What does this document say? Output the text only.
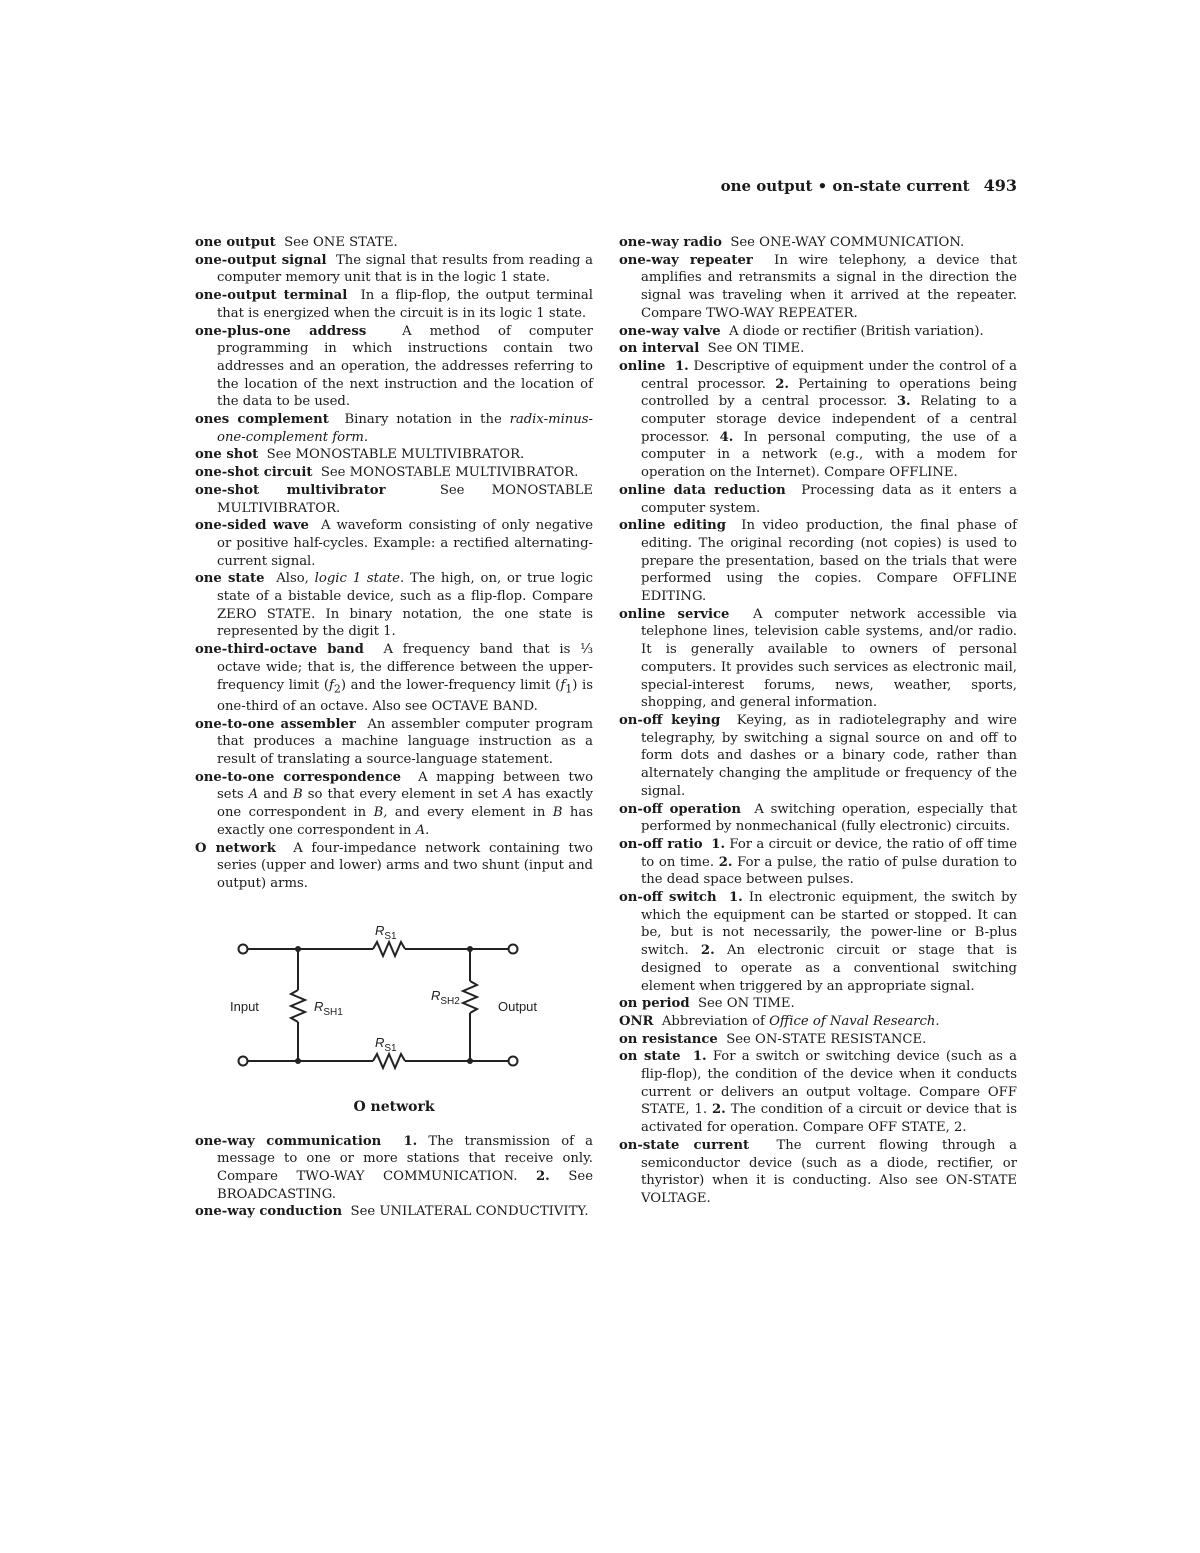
one output • on-state current 493

one output See ONE STATE.

one-output signal The signal that results from reading a computer memory unit that is in the logic 1 state.

one-output terminal In a flip-flop, the output terminal that is energized when the circuit is in its logic 1 state.

one-plus-one address	A method of computer programming in which instructions contain two addresses and an operation, the addresses referring to the location of the next instruction and the location of the data to be used.

ones complement Binary notation in the radix-minus-one-complement form.

one shot See MONOSTABLE MULTIVIBRATOR.

one-shot circuit See MONOSTABLE MULTIVIBRATOR.

one-shot multivibrator	See MONOSTABLE MULTIVIBRATOR.

one-sided wave A waveform consisting of only negative or positive half-cycles. Example: a rectified alternating-current signal.

one state Also, logic 1 state. The high, on, or true logic state of a bistable device, such as a flip-flop. Compare ZERO STATE. In binary notation, the one state is represented by the digit 1.

one-third-octave band A frequency band that is ⅓ octave wide; that is, the difference between the upper-frequency limit $(f_2)$ and the lower-frequency limit $(f_1)$ is one-third of an octave. Also see OCTAVE BAND.

one-to-one assembler An assembler computer program that produces a machine language instruction as a result of translating a source-language statement.

one-to-one correspondence A mapping between two sets A and B so that every element in set A has exactly one correspondent in B, and every element in B has exactly one correspondent in A.

O network A four-impedance network containing two series (upper and lower) arms and two shunt (input and output) arms.

Input	Output
$R_{S1}$
$R_{S1}$
$R_{SH1}$
$R_{SH2}$
O network

one-way communication 1. The transmission of a message to one or more stations that receive only. Compare TWO-WAY COMMUNICATION. 2. See BROADCASTING.

one-way conduction See UNILATERAL CONDUCTIVITY.

one-way radio See ONE-WAY COMMUNICATION.

one-way repeater In wire telephony, a device that amplifies and retransmits a signal in the direction the signal was traveling when it arrived at the repeater. Compare TWO-WAY REPEATER.

one-way valve A diode or rectifier (British variation).

on interval See ON TIME.

online 1. Descriptive of equipment under the control of a central processor. 2. Pertaining to operations being controlled by a central processor. 3. Relating to a computer storage device independent of a central processor. 4. In personal computing, the use of a computer in a network (e.g., with a modem for operation on the Internet). Compare OFFLINE.

online data reduction Processing data as it enters a computer system.

online editing In video production, the final phase of editing. The original recording (not copies) is used to prepare the presentation, based on the trials that were performed using the copies. Compare OFFLINE EDITING.

online service A computer network accessible via telephone lines, television cable systems, and/or radio. It is generally available to owners of personal computers. It provides such services as electronic mail, special-interest forums, news, weather, sports, shopping, and general information.

on-off keying Keying, as in radiotelegraphy and wire telegraphy, by switching a signal source on and off to form dots and dashes or a binary code, rather than alternately changing the amplitude or frequency of the signal.

on-off operation A switching operation, especially that performed by nonmechanical (fully electronic) circuits.

on-off ratio 1. For a circuit or device, the ratio of off time to on time. 2. For a pulse, the ratio of pulse duration to the dead space between pulses.

on-off switch 1. In electronic equipment, the switch by which the equipment can be started or stopped. It can be, but is not necessarily, the power-line or B-plus switch. 2. An electronic circuit or stage that is designed to operate as a conventional switching element when triggered by an appropriate signal.

on period See ON TIME.

ONR Abbreviation of Office of Naval Research.

on resistance See ON-STATE RESISTANCE.

on state 1. For a switch or switching device (such as a flip-flop), the condition of the device when it conducts current or delivers an output voltage. Compare OFF STATE, 1. 2. The condition of a circuit or device that is activated for operation. Compare OFF STATE, 2.

on-state current The current flowing through a semiconductor device (such as a diode, rectifier, or thyristor) when it is conducting. Also see ON-STATE VOLTAGE.
